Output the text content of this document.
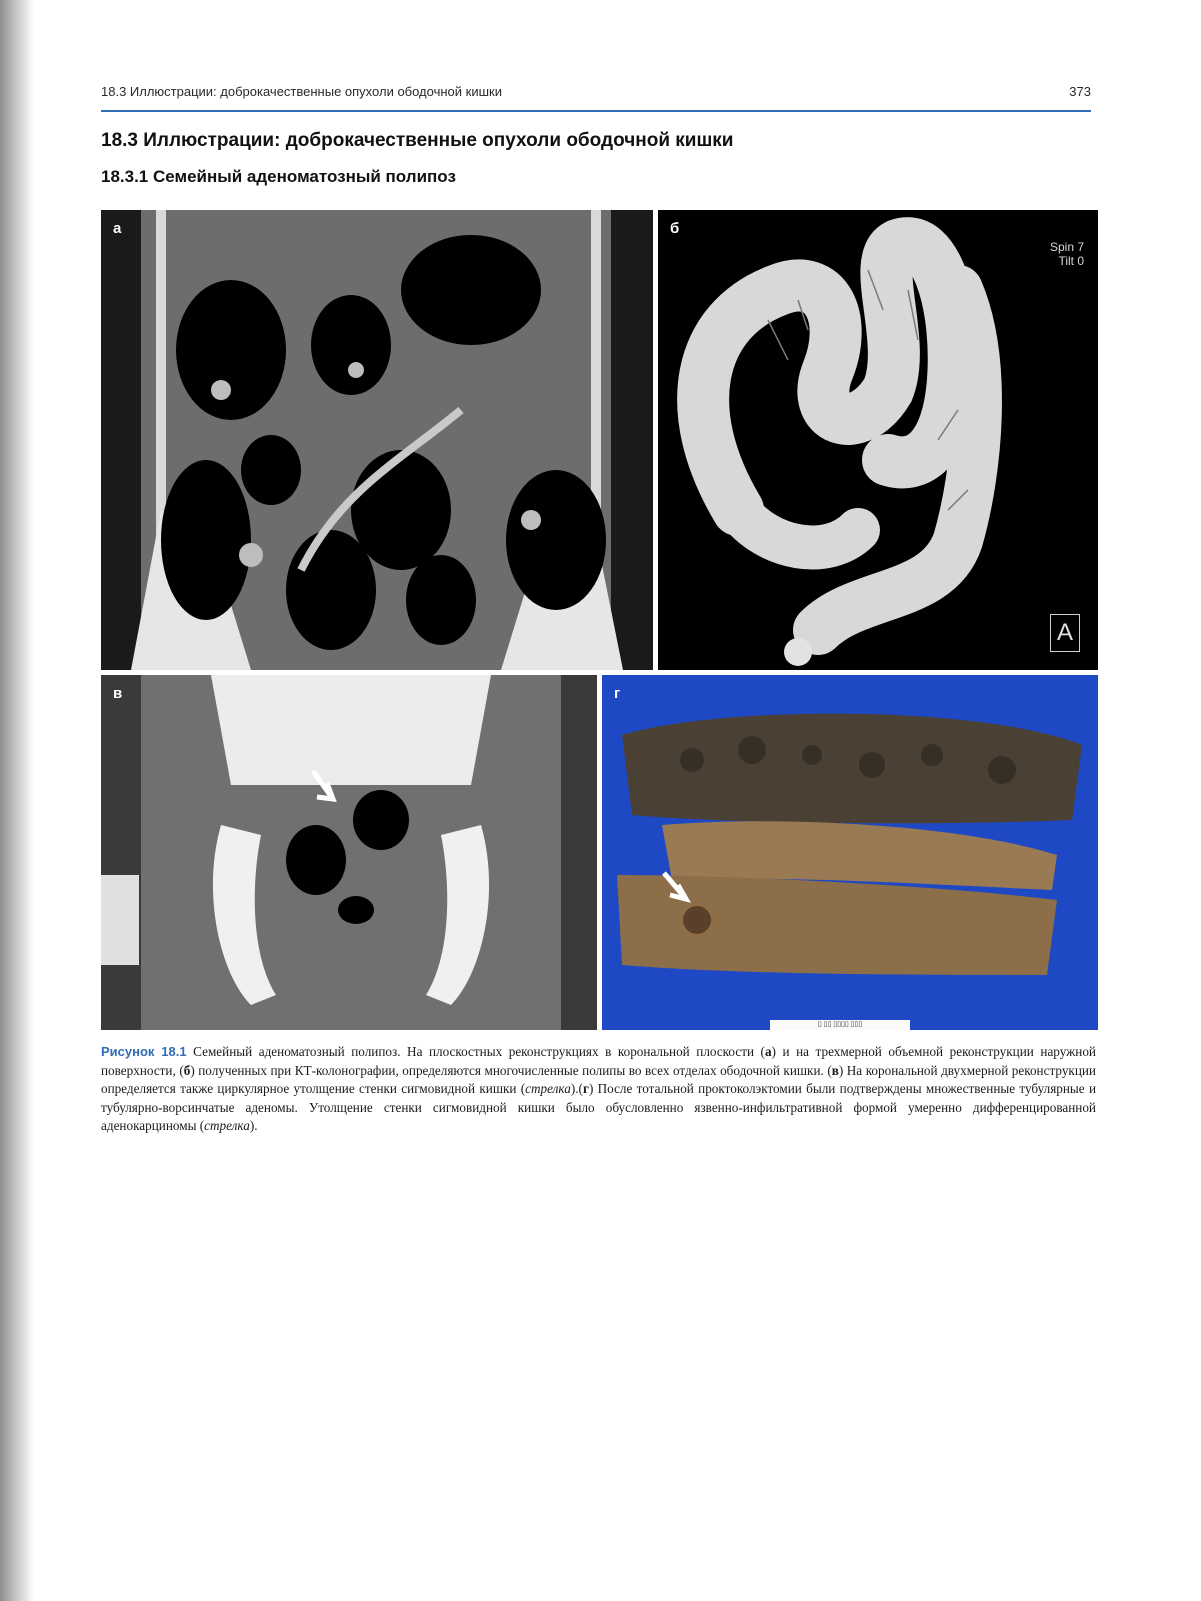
18.3 Иллюстрации: доброкачественные опухоли ободочной кишки	373
18.3 Иллюстрации: доброкачественные опухоли ободочной кишки
18.3.1 Семейный аденоматозный полипоз
а	б
Spin 7
Tilt 0
A
в	г
▯ ▯▯ ▯▯▯▯ ▯▯▯

Рисунок 18.1 Семейный аденоматозный полипоз. На плоскостных реконструкциях в корональной плоскости (а) и на трехмерной объемной реконструкции наружной поверхности, (б) полученных при КТ-колонографии, определяются многочисленные полипы во всех отделах ободочной кишки. (в) На корональной двухмерной реконструкции определяется также циркулярное утолщение стенки сигмовидной кишки (стрелка).(г) После тотальной проктоколэктомии были подтверждены множественные тубулярные и тубулярно-ворсинчатые аденомы. Утолщение стенки сигмовидной кишки было обусловленно язвенно-инфильтративной формой умеренно дифференцированной аденокарциномы (стрелка).
